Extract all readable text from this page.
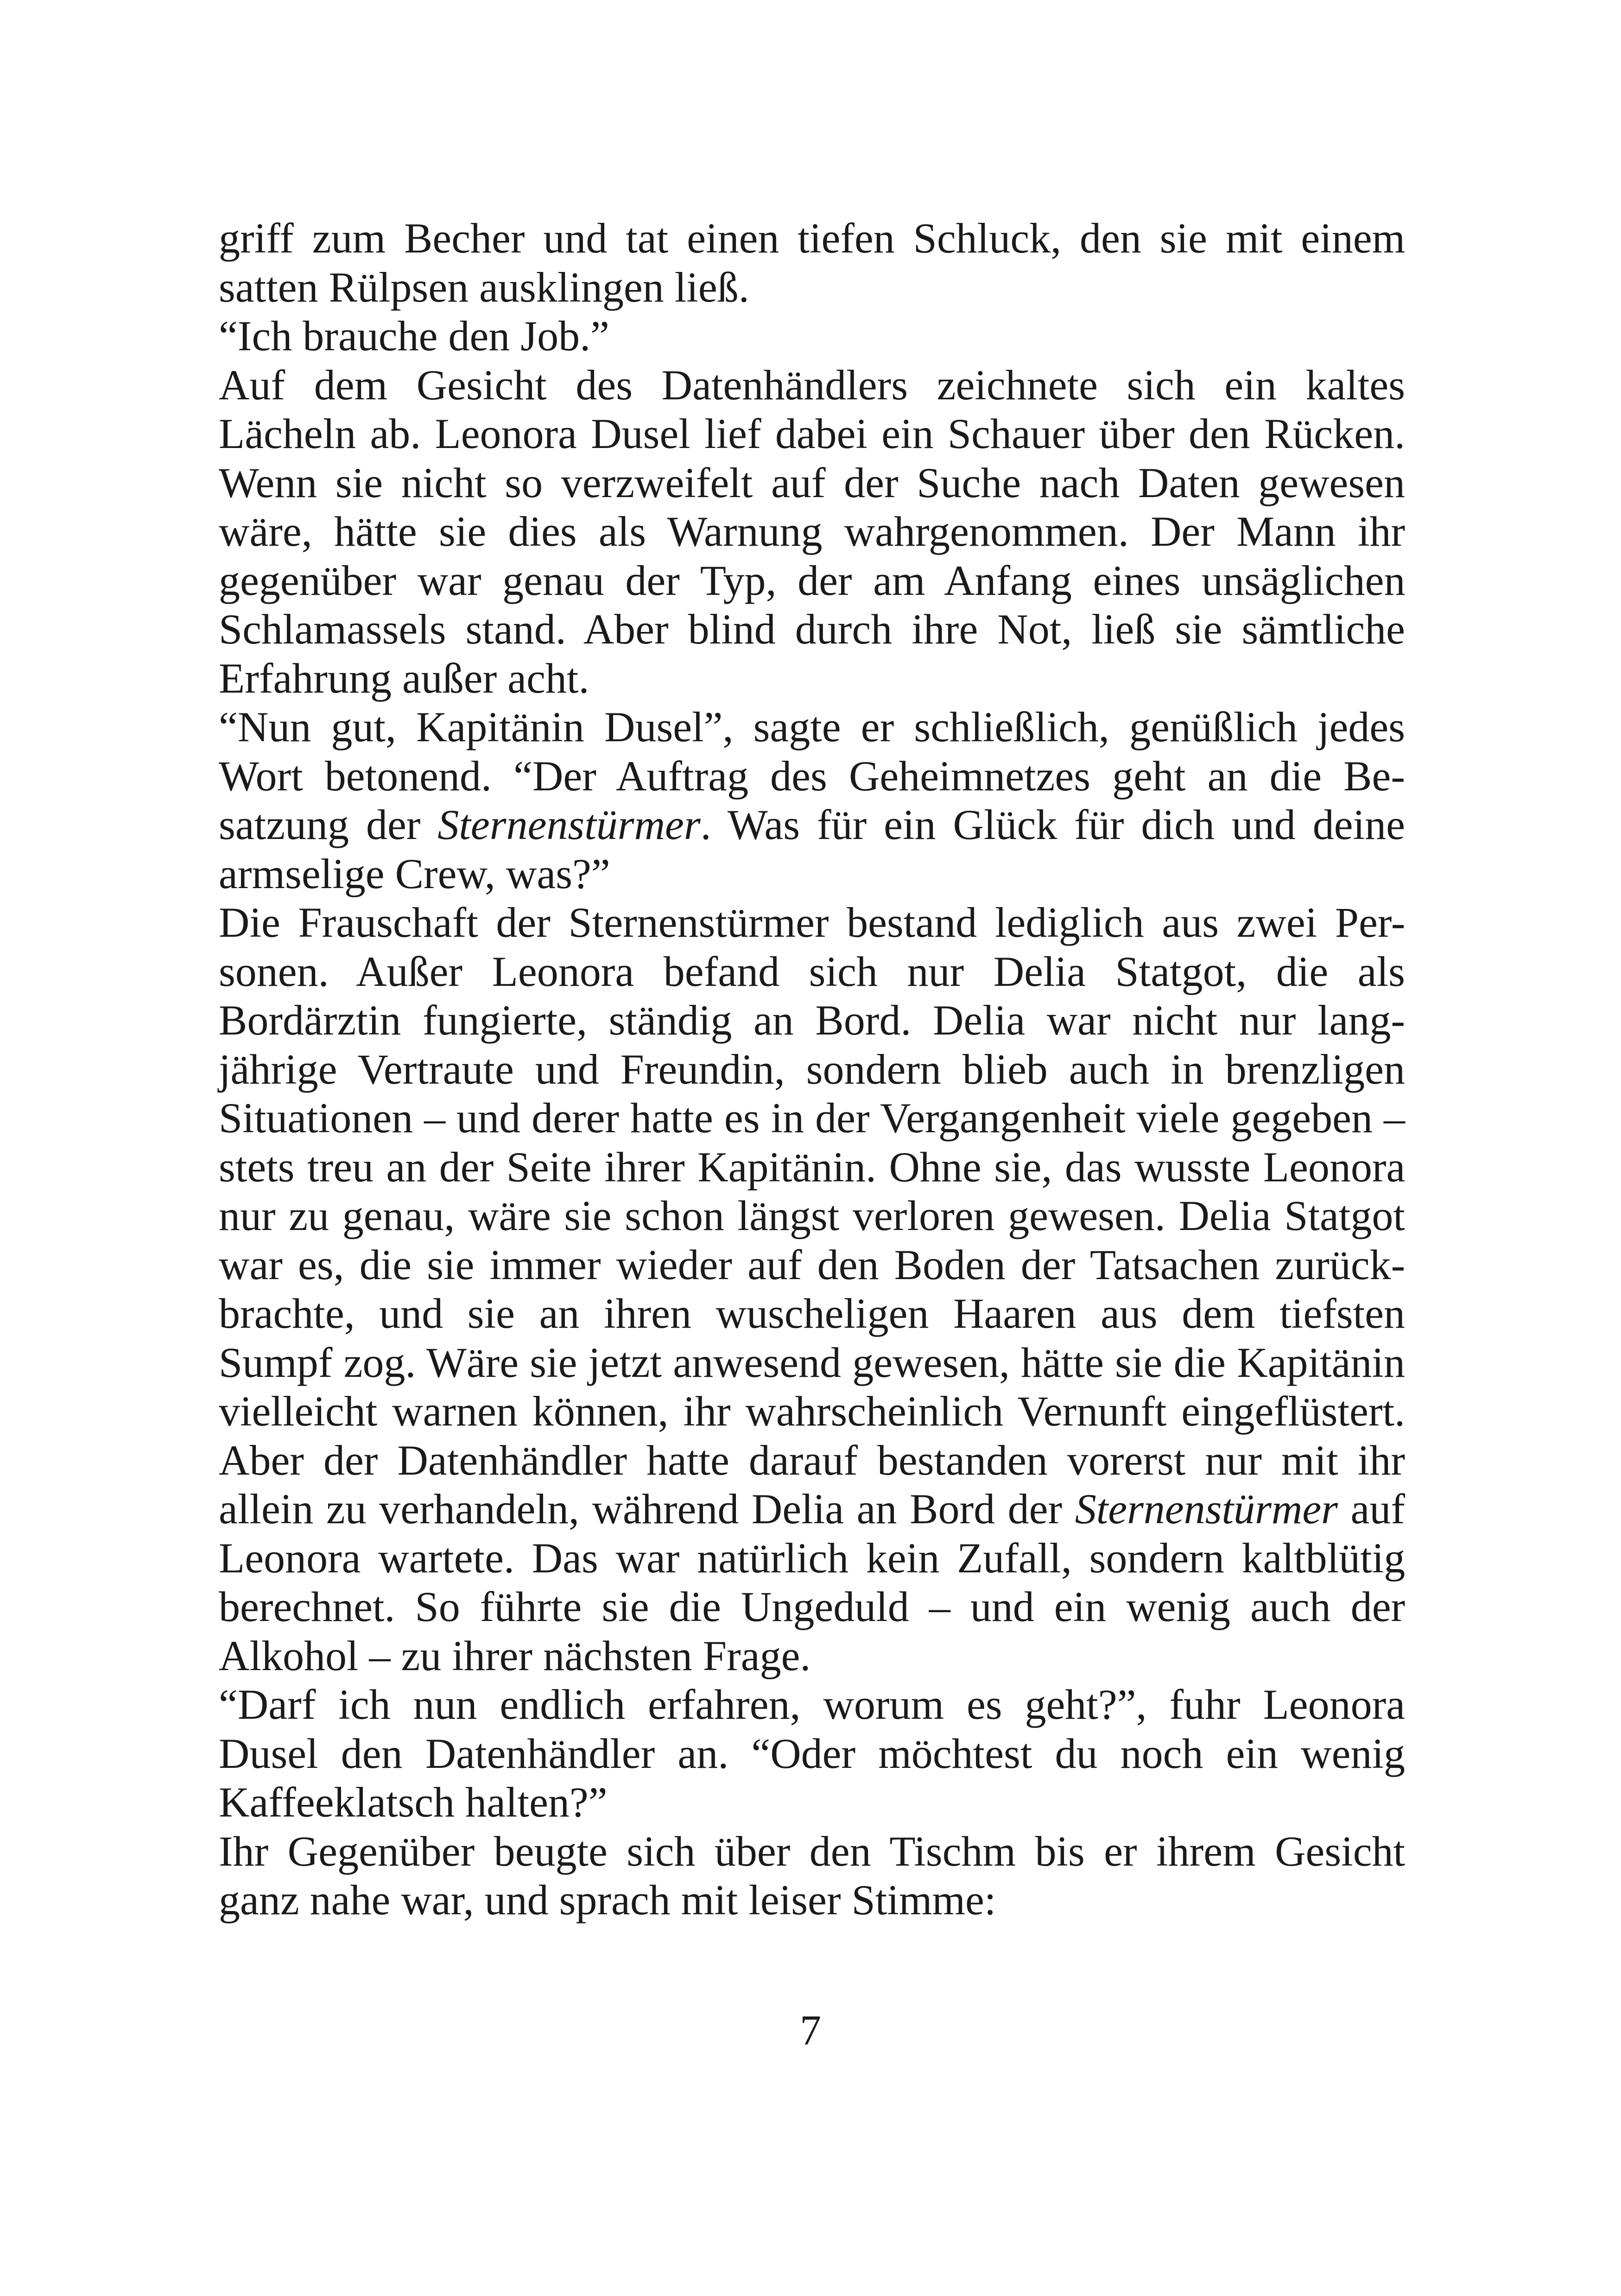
griff zum Becher und tat einen tiefen Schluck, den sie mit einem
satten Rülpsen ausklingen ließ.
“Ich brauche den Job.”
Auf dem Gesicht des Datenhändlers zeichnete sich ein kaltes
Lächeln ab. Leonora Dusel lief dabei ein Schauer über den Rücken.
Wenn sie nicht so verzweifelt auf der Suche nach Daten gewesen
wäre, hätte sie dies als Warnung wahrgenommen. Der Mann ihr
gegenüber war genau der Typ, der am Anfang eines unsäglichen
Schlamassels stand. Aber blind durch ihre Not, ließ sie sämtliche
Erfahrung außer acht.
“Nun gut, Kapitänin Dusel”, sagte er schließlich, genüßlich jedes
Wort betonend. “Der Auftrag des Geheimnetzes geht an die Be-
satzung der Sternenstürmer. Was für ein Glück für dich und deine
armselige Crew, was?”
Die Frauschaft der Sternenstürmer bestand lediglich aus zwei Per-
sonen. Außer Leonora befand sich nur Delia Statgot, die als
Bordärztin fungierte, ständig an Bord. Delia war nicht nur lang-
jährige Vertraute und Freundin, sondern blieb auch in brenzligen
Situationen – und derer hatte es in der Vergangenheit viele gegeben –
stets treu an der Seite ihrer Kapitänin. Ohne sie, das wusste Leonora
nur zu genau, wäre sie schon längst verloren gewesen. Delia Statgot
war es, die sie immer wieder auf den Boden der Tatsachen zurück-
brachte, und sie an ihren wuscheligen Haaren aus dem tiefsten
Sumpf zog. Wäre sie jetzt anwesend gewesen, hätte sie die Kapitänin
vielleicht warnen können, ihr wahrscheinlich Vernunft eingeflüstert.
Aber der Datenhändler hatte darauf bestanden vorerst nur mit ihr
allein zu verhandeln, während Delia an Bord der Sternenstürmer auf
Leonora wartete. Das war natürlich kein Zufall, sondern kaltblütig
berechnet. So führte sie die Ungeduld – und ein wenig auch der
Alkohol – zu ihrer nächsten Frage.
“Darf ich nun endlich erfahren, worum es geht?”, fuhr Leonora
Dusel den Datenhändler an. “Oder möchtest du noch ein wenig
Kaffeeklatsch halten?”
Ihr Gegenüber beugte sich über den Tischm bis er ihrem Gesicht
ganz nahe war, und sprach mit leiser Stimme:
7
